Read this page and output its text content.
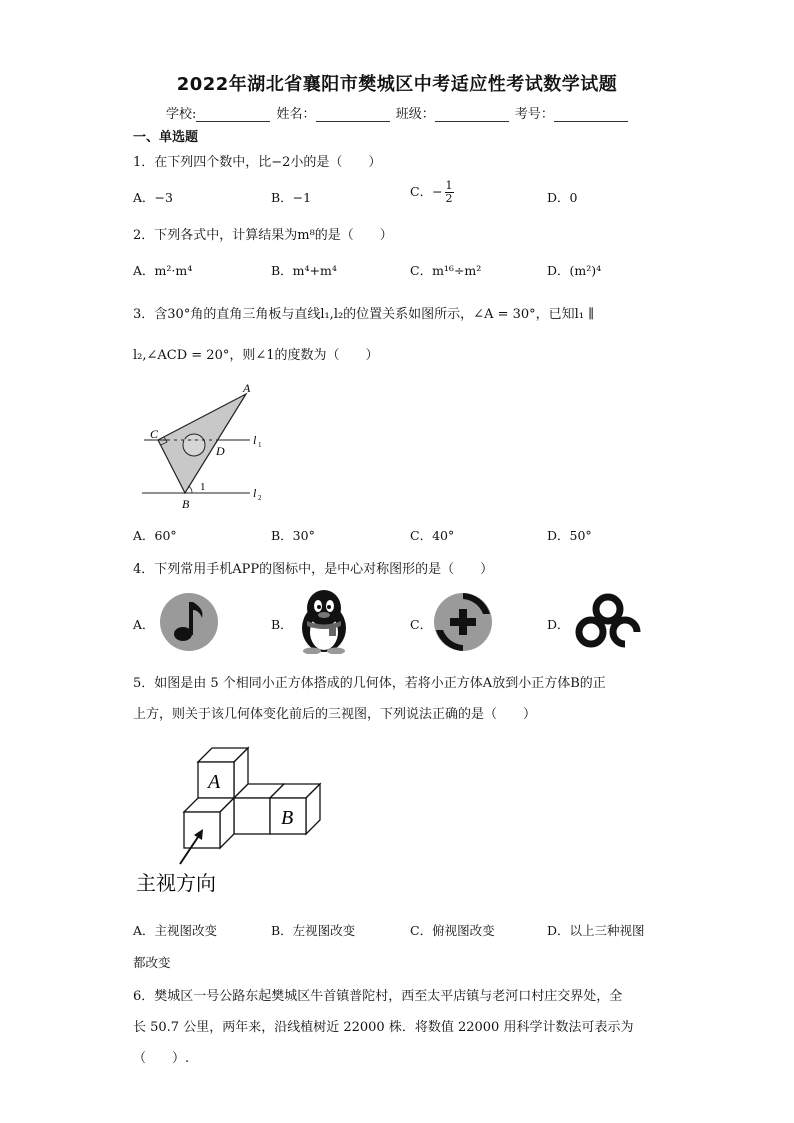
2022年湖北省襄阳市樊城区中考适应性考试数学试题
学校:	姓名：	班级：	考号：
一、单选题
1．在下列四个数中，比−2小的是（　　）
A．−3	B．−1	C．− $\frac{1}{2}$	D．0
2．下列各式中，计算结果为m⁸的是（　　）
A．m²·m⁴	B．m⁴+m⁴	C．m¹⁶÷m²	D．(m²)⁴
3．含30°角的直角三角板与直线l₁,l₂的位置关系如图所示，∠A = 30°，已知l₁ ∥
l₂,∠ACD = 20°，则∠1的度数为（　　）
A
C
D
B
1
l 1
l 2
A．60°	B．30°	C．40°	D．50°
4．下列常用手机APP的图标中，是中心对称图形的是（　　）
A．	B．	C．	D．
5．如图是由 5 个相同小正方体搭成的几何体，若将小正方体A放到小正方体B的正
上方，则关于该几何体变化前后的三视图，下列说法正确的是（　　）
A
B
主视方向
A．主视图改变	B．左视图改变	C．俯视图改变	D．以上三种视图
都改变
6．樊城区一号公路东起樊城区牛首镇普陀村，西至太平店镇与老河口村庄交界处，全
长 50.7 公里，两年来，沿线植树近 22000 株．将数值 22000 用科学计数法可表示为
（　　）.
